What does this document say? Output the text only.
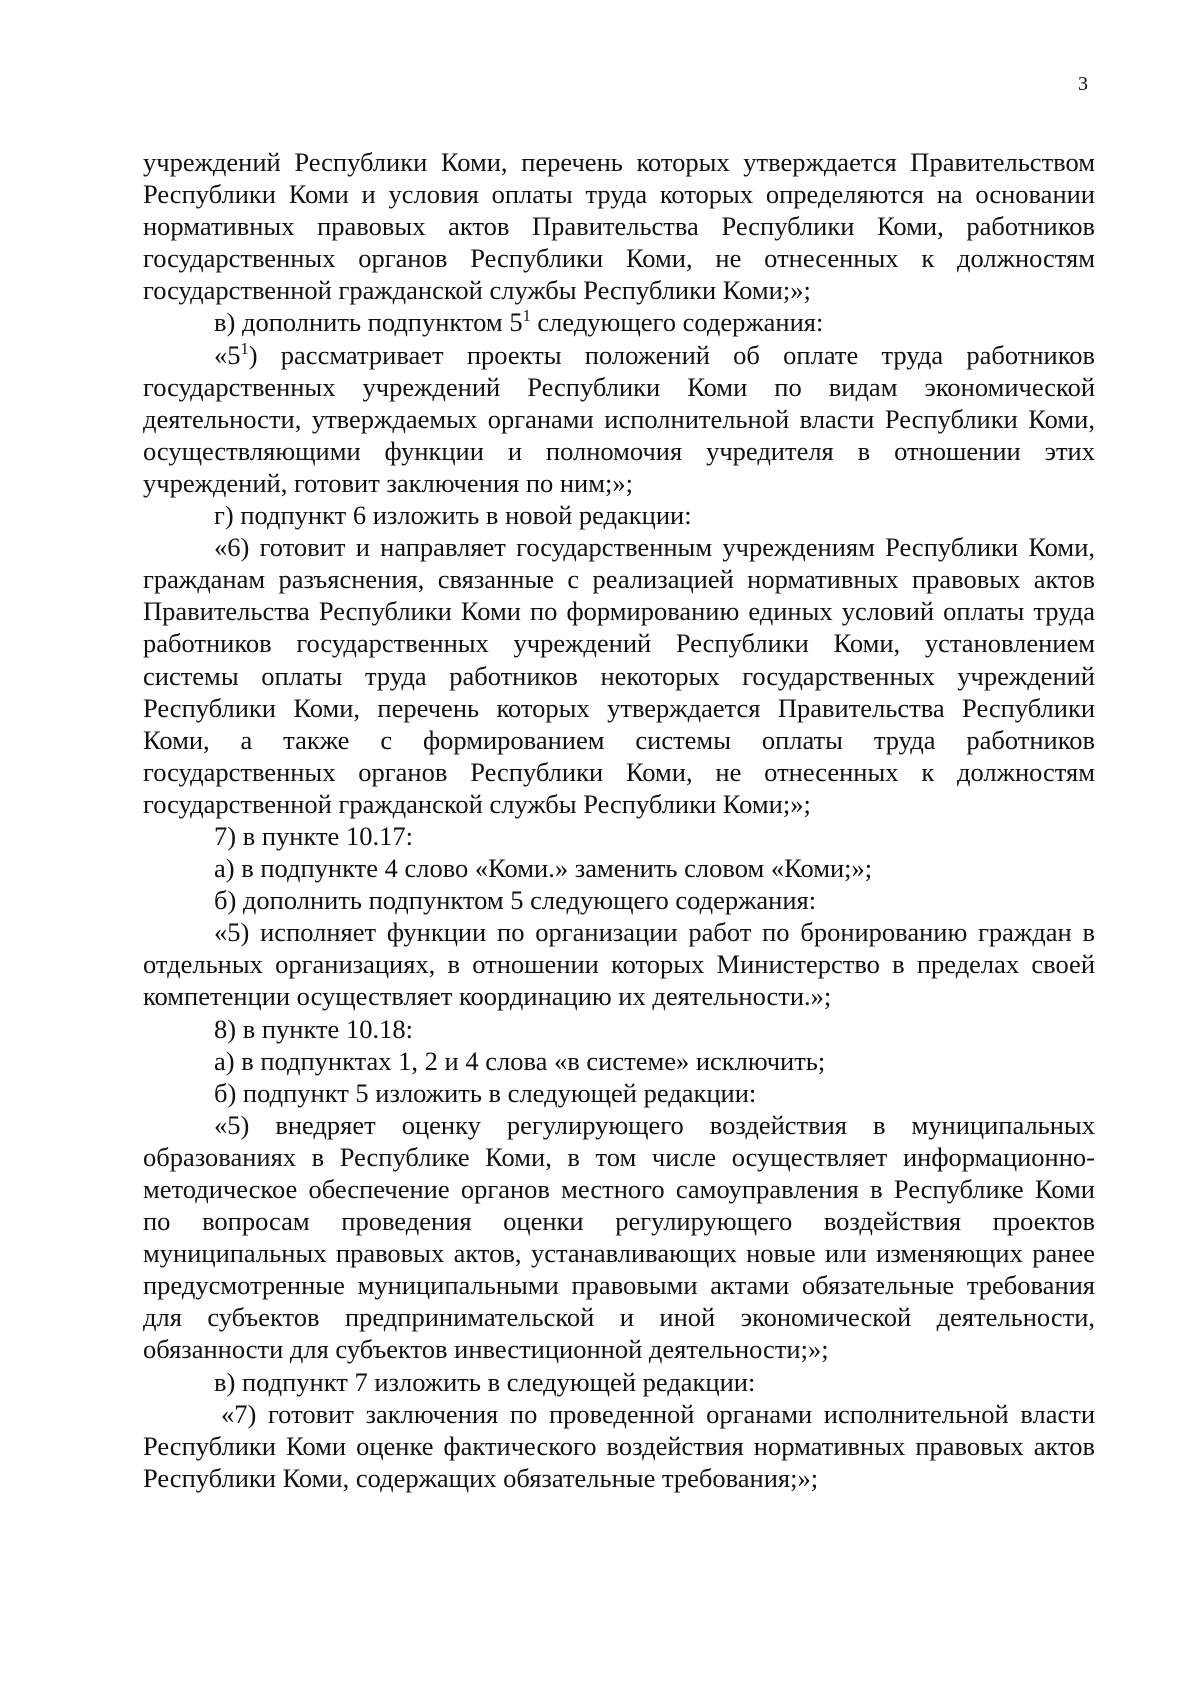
3

учреждений Республики Коми, перечень которых утверждается Правительством Республики Коми и условия оплаты труда которых определяются на основании нормативных правовых актов Правительства Республики Коми, работников государственных органов Республики Коми, не отнесенных к должностям государственной гражданской службы Республики Коми;»;

в) дополнить подпунктом $5^1$ следующего содержания:

«$5^1$) рассматривает проекты положений об оплате труда работников государственных учреждений Республики Коми по видам экономической деятельности, утверждаемых органами исполнительной власти Республики Коми, осуществляющими функции и полномочия учредителя в отношении этих учреждений, готовит заключения по ним;»;

г) подпункт 6 изложить в новой редакции:

«6) готовит и направляет государственным учреждениям Республики Коми, гражданам разъяснения, связанные с реализацией нормативных правовых актов Правительства Республики Коми по формированию единых условий оплаты труда работников государственных учреждений Республики Коми, установлением системы оплаты труда работников некоторых государственных учреждений Республики Коми, перечень которых утверждается Правительства Республики Коми, а также с формированием системы оплаты труда работников государственных органов Республики Коми, не отнесенных к должностям государственной гражданской службы Республики Коми;»;

7) в пункте 10.17:

а) в подпункте 4 слово «Коми.» заменить словом «Коми;»;

б) дополнить подпунктом 5 следующего содержания:

«5) исполняет функции по организации работ по бронированию граждан в отдельных организациях, в отношении которых Министерство в пределах своей компетенции осуществляет координацию их деятельности.»;

8) в пункте 10.18:

а) в подпунктах 1, 2 и 4 слова «в системе» исключить;

б) подпункт 5 изложить в следующей редакции:

«5) внедряет оценку регулирующего воздействия в муниципальных образованиях в Республике Коми, в том числе осуществляет информационно-методическое обеспечение органов местного самоуправления в Республике Коми по вопросам проведения оценки регулирующего воздействия проектов муниципальных правовых актов, устанавливающих новые или изменяющих ранее предусмотренные муниципальными правовыми актами обязательные требования для субъектов предпринимательской и иной экономической деятельности, обязанности для субъектов инвестиционной деятельности;»;

в) подпункт 7 изложить в следующей редакции:

«7) готовит заключения по проведенной органами исполнительной власти Республики Коми оценке фактического воздействия нормативных правовых актов Республики Коми, содержащих обязательные требования;»;
